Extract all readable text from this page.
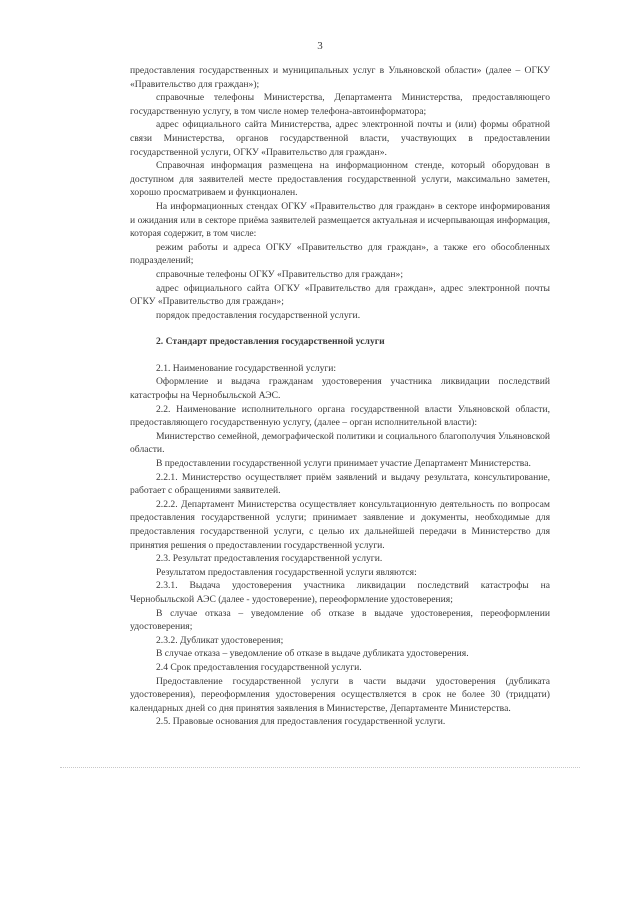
3

предоставления государственных и муниципальных услуг в Ульяновской области» (далее – ОГКУ «Правительство для граждан»);

справочные телефоны Министерства, Департамента Министерства, предоставляющего государственную услугу, в том числе номер телефона-автоинформатора;

адрес официального сайта Министерства, адрес электронной почты и (или) формы обратной связи Министерства, органов государственной власти, участвующих в предоставлении государственной услуги, ОГКУ «Правительство для граждан».

Справочная информация размещена на информационном стенде, который оборудован в доступном для заявителей месте предоставления государственной услуги, максимально заметен, хорошо просматриваем и функционален.

На информационных стендах ОГКУ «Правительство для граждан» в секторе информирования и ожидания или в секторе приёма заявителей размещается актуальная и исчерпывающая информация, которая содержит, в том числе:

режим работы и адреса ОГКУ «Правительство для граждан», а также его обособленных подразделений;

справочные телефоны ОГКУ «Правительство для граждан»;

адрес официального сайта ОГКУ «Правительство для граждан», адрес электронной почты ОГКУ «Правительство для граждан»;

порядок предоставления государственной услуги.

2. Стандарт предоставления государственной услуги

2.1. Наименование государственной услуги:

Оформление и выдача гражданам удостоверения участника ликвидации последствий катастрофы на Чернобыльской АЭС.

2.2. Наименование исполнительного органа государственной власти Ульяновской области, предоставляющего государственную услугу, (далее – орган исполнительной власти):

Министерство семейной, демографической политики и социального благополучия Ульяновской области.

В предоставлении государственной услуги принимает участие Департамент Министерства.

2.2.1. Министерство осуществляет приём заявлений и выдачу результата, консультирование, работает с обращениями заявителей.

2.2.2. Департамент Министерства осуществляет консультационную деятельность по вопросам предоставления государственной услуги; принимает заявление и документы, необходимые для предоставления государственной услуги, с целью их дальнейшей передачи в Министерство для принятия решения о предоставлении государственной услуги.

2.3. Результат предоставления государственной услуги.

Результатом предоставления государственной услуги являются:

2.3.1. Выдача удостоверения участника ликвидации последствий катастрофы на Чернобыльской АЭС (далее - удостоверение), переоформление удостоверения;

В случае отказа – уведомление об отказе в выдаче удостоверения, переоформлении удостоверения;

2.3.2. Дубликат удостоверения;

В случае отказа – уведомление об отказе в выдаче дубликата удостоверения.

2.4 Срок предоставления государственной услуги.

Предоставление государственной услуги в части выдачи удостоверения (дубликата удостоверения), переоформления удостоверения осуществляется в срок не более 30 (тридцати) календарных дней со дня принятия заявления в Министерстве, Департаменте Министерства.

2.5. Правовые основания для предоставления государственной услуги.
